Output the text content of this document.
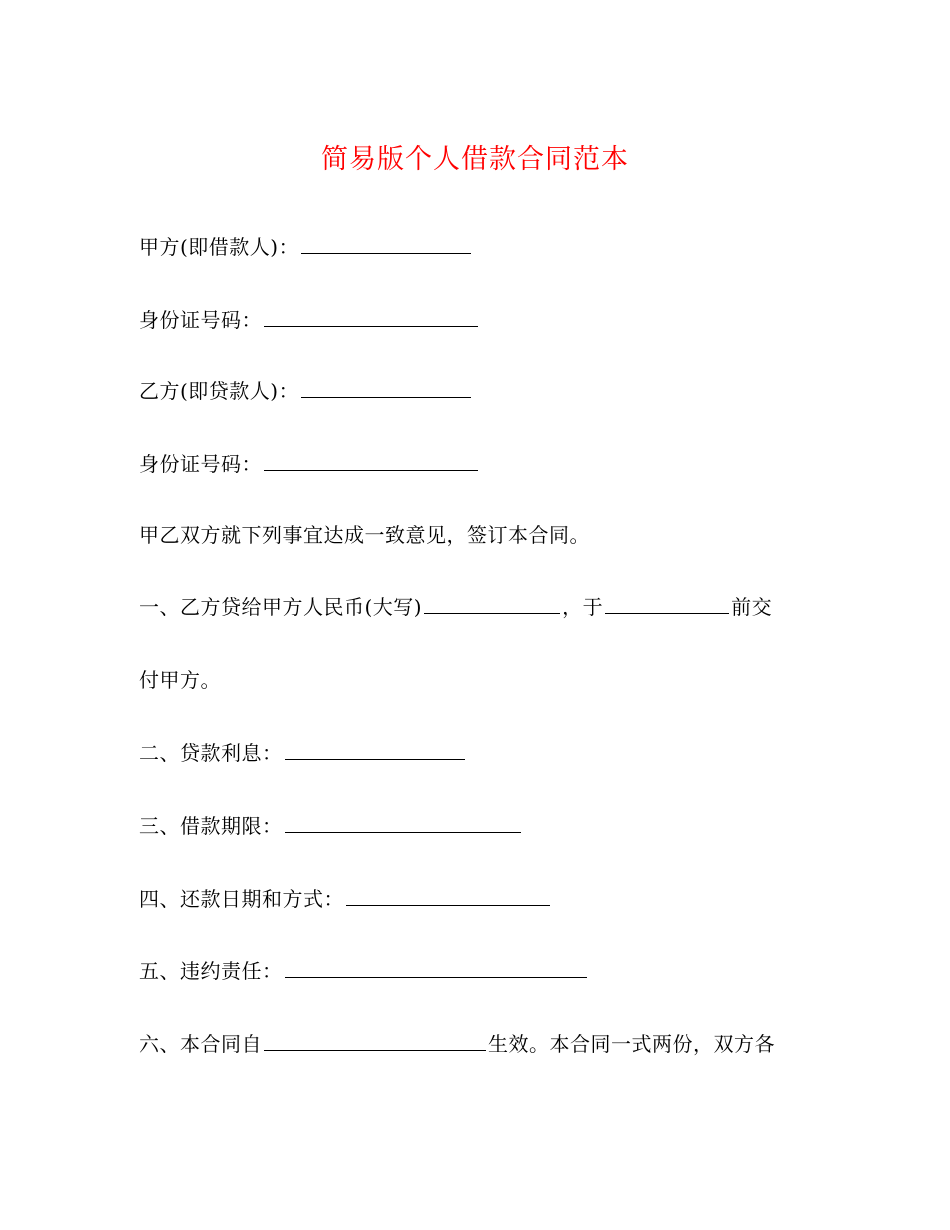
简易版个人借款合同范本
甲方(即借款人)：
身份证号码：
乙方(即贷款人)：
身份证号码：
甲乙双方就下列事宜达成一致意见，签订本合同。
一、乙方贷给甲方人民币(大写)	，于	前交
付甲方。
二、贷款利息：
三、借款期限：
四、还款日期和方式：
五、违约责任：
六、本合同自	生效。本合同一式两份，双方各
